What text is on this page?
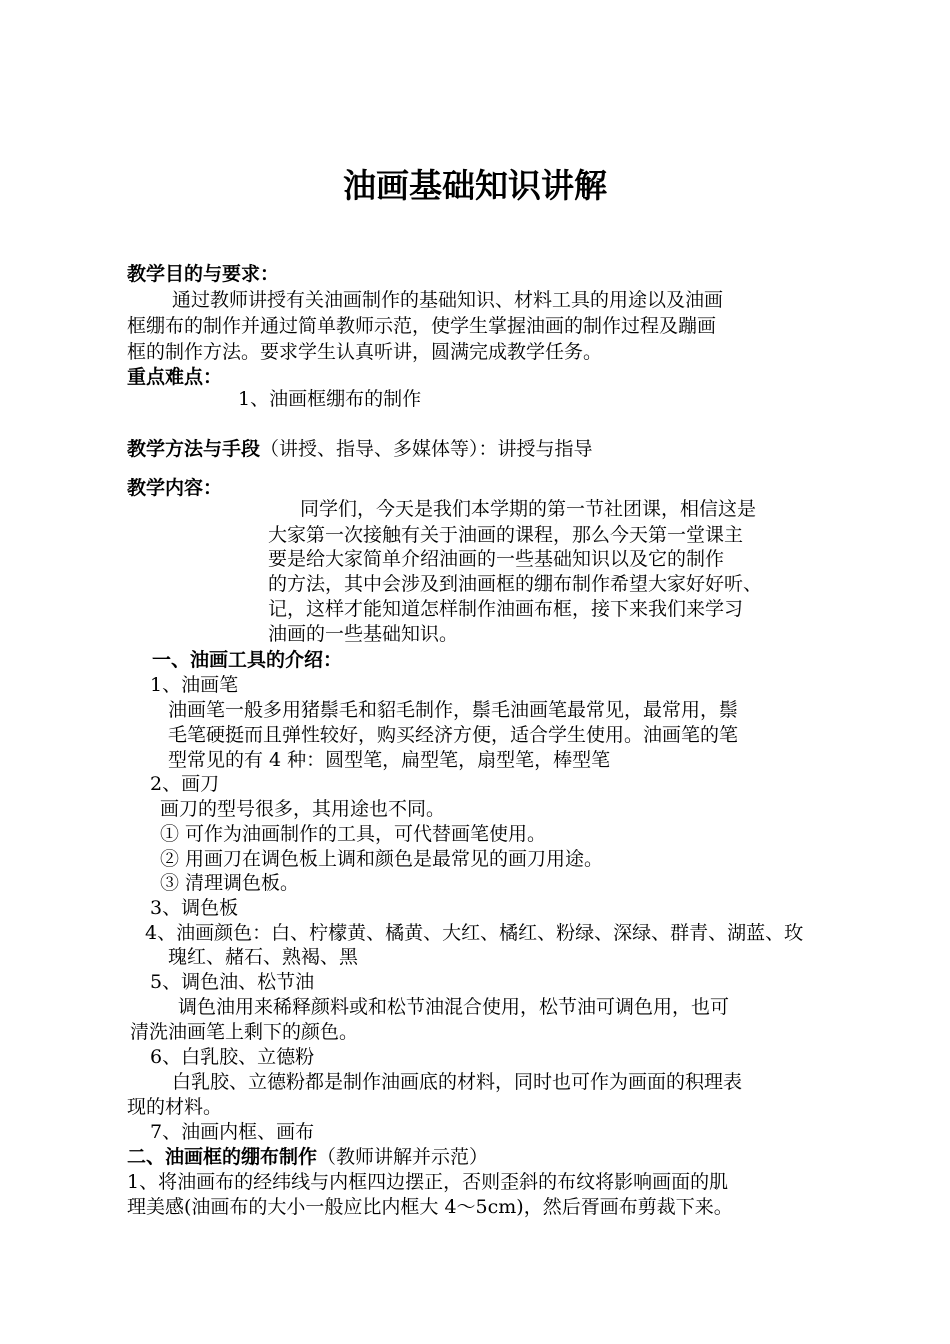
油画基础知识讲解
教学目的与要求：
通过教师讲授有关油画制作的基础知识、材料工具的用途以及油画
框绷布的制作并通过简单教师示范，使学生掌握油画的制作过程及蹦画
框的制作方法。要求学生认真听讲，圆满完成教学任务。
重点难点：
1、油画框绷布的制作
教学方法与手段（讲授、指导、多媒体等）：讲授与指导
教学内容：
同学们，今天是我们本学期的第一节社团课，相信这是
大家第一次接触有关于油画的课程，那么今天第一堂课主
要是给大家简单介绍油画的一些基础知识以及它的制作
的方法，其中会涉及到油画框的绷布制作希望大家好好听、
记，这样才能知道怎样制作油画布框，接下来我们来学习
油画的一些基础知识。
一、油画工具的介绍：
1、油画笔
油画笔一般多用猪鬃毛和貂毛制作，鬃毛油画笔最常见，最常用，鬃
毛笔硬挺而且弹性较好，购买经济方便，适合学生使用。油画笔的笔
型常见的有 4 种：圆型笔，扁型笔，扇型笔，棒型笔
2、画刀
画刀的型号很多，其用途也不同。
① 可作为油画制作的工具，可代替画笔使用。
② 用画刀在调色板上调和颜色是最常见的画刀用途。
③ 清理调色板。
3、调色板
4、油画颜色：白、柠檬黄、橘黄、大红、橘红、粉绿、深绿、群青、湖蓝、玫
瑰红、赭石、熟褐、黑
5、调色油、松节油
调色油用来稀释颜料或和松节油混合使用，松节油可调色用，也可
清洗油画笔上剩下的颜色。
6、白乳胶、立德粉
白乳胶、立德粉都是制作油画底的材料，同时也可作为画面的积理表
现的材料。
7、油画内框、画布
二、油画框的绷布制作（教师讲解并示范）
1、将油画布的经纬线与内框四边摆正，否则歪斜的布纹将影响画面的肌
理美感(油画布的大小一般应比内框大 4～5cm)，然后胥画布剪裁下来。
